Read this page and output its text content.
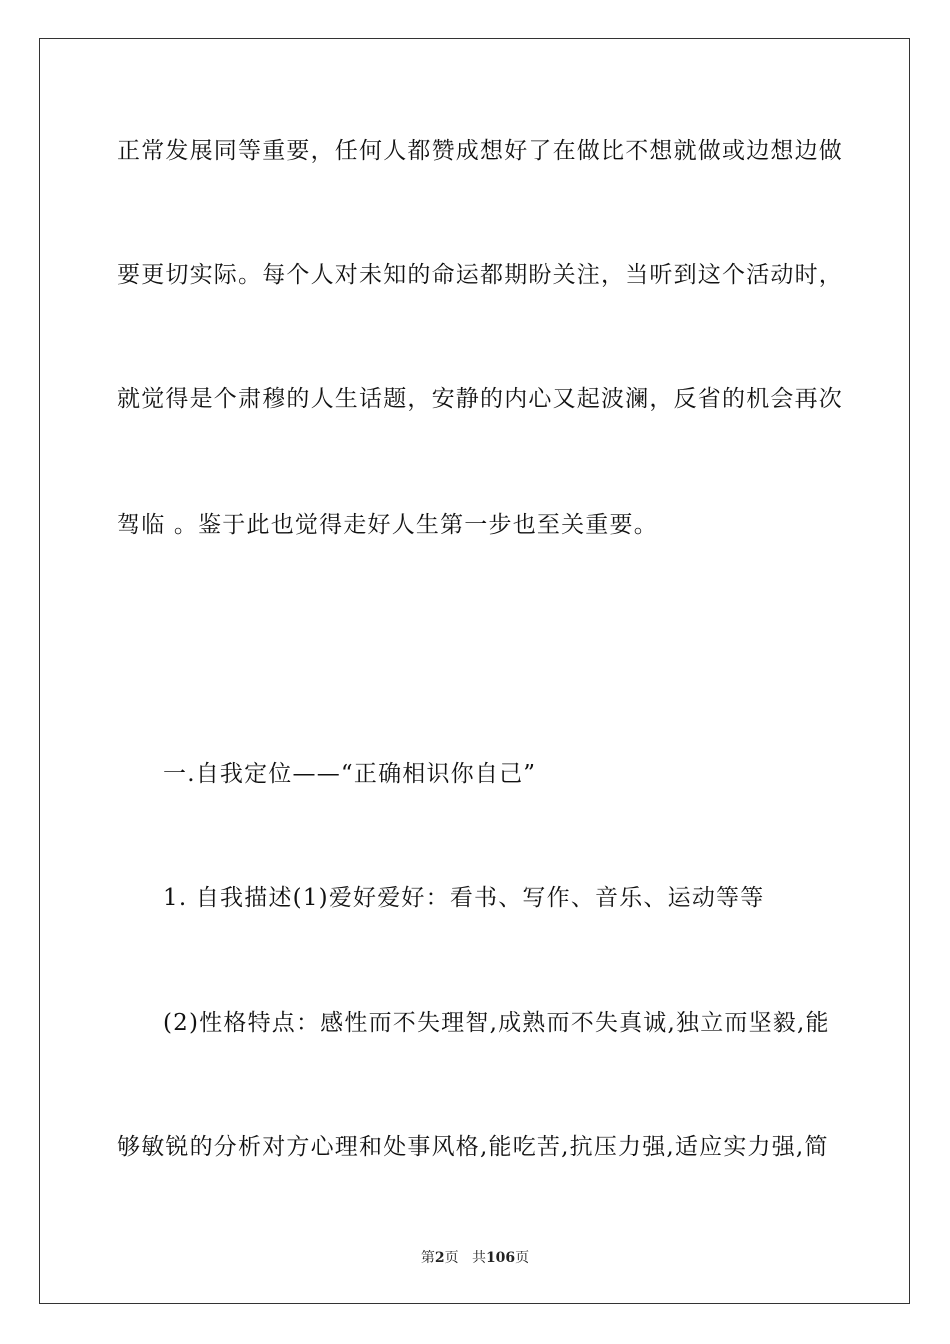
正常发展同等重要，任何人都赞成想好了在做比不想就做或边想边做
要更切实际。每个人对未知的命运都期盼关注，当听到这个活动时，
就觉得是个肃穆的人生话题，安静的内心又起波澜，反省的机会再次
驾临 。鉴于此也觉得走好人生第一步也至关重要。
一.自我定位——“正确相识你自己”
1. 自我描述(1)爱好爱好：看书、写作、音乐、运动等等
(2)性格特点：感性而不失理智,成熟而不失真诚,独立而坚毅,能
够敏锐的分析对方心理和处事风格,能吃苦,抗压力强,适应实力强,简
第2页 共106页
